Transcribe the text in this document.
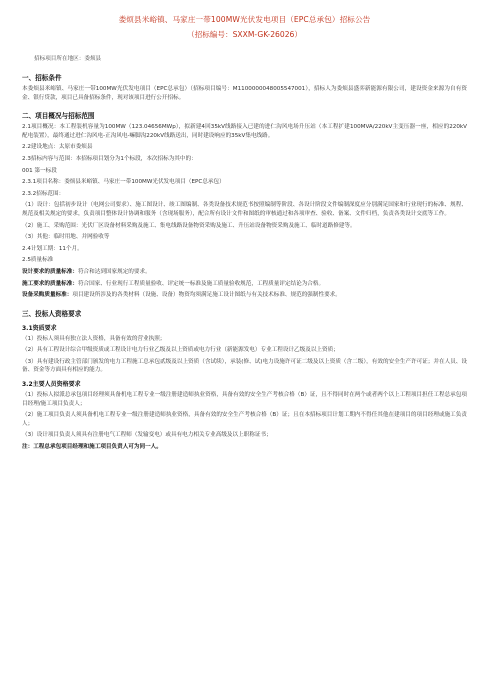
娄烦县米峪镇、马家庄一带100MW光伏发电项目（EPC总承包）招标公告

（招标编号：SXXM-GK-26026）

招标项目所在地区：娄烦县
一、招标条件

本娄烦县米峪镇、马家庄一带100MW光伏发电项目（EPC总承包）（招标项目编号：M1100000048005547001），招标人为娄烦县盛弈新能源有限公司，建设资金来源为自有资金、银行贷款，项目已具备招标条件，现对该项目进行公开招标。

二、项目概况与招标范围

2.1项目概况：本工程装机容量为100MW（123.04656MWp），拟新建4回35kV线路接入已建的进仁沟风电场升压站（本工程扩建100MVA/220kV主变压器一座，相应的220kV配电装置），最终通过进仁沟风电-正沟风电-嘛脚沟220kV线路送出，同时建设响应的35kV集电线路。

2.2建设地点：太原市娄烦县

2.3招标内容与范围：本招标项目划分为1个标段，本次招标为其中的：

001 第一标段

2.3.1项目名称：娄烦县米峪镇、马家庄一带100MW光伏发电项目（EPC总承包）

2.3.2招标范围：

（1）设计：包括初步设计（电网公司要求）、施工图设计、竣工图编制、各类设备技术规范书按照编制等阶段、各设计阶段文件编制深度应分别满足国家和行业现行的标准、规程、规范及相关规定的要求，负责项目整体设计协调和服务（含现场服务），配合所有设计文件和图纸的审核通过和各项审查、验收、备案、文件归档，负责各类设计交底等工作。

（2）施工、采购范围：光伏厂区设备材料采购及施工、集电线路设备物资采购及施工、升压站设备物资采购及施工、临时道路修建等。

（3）其他：临时用地、并网验收等

2.4计划工期：11个月。

2.5质量标准

设计要求的质量标准：符合和达到国家规定的要求。

施工要求的质量标准：符合国家、行业现行工程质量验收、评定统一标准及施工质量验收规范，工程质量评定结论为合格。

设备采购质量标准：项目建设所涉及的各类材料（设施、设备）物资均须满足施工设计图纸与有关技术标准、规范的强制性要求。

三、投标人资格要求
3.1资质要求

（1）投标人须具有独立法人资格，具备有效的营业执照；

（2）具有工程设计综合甲级资质或工程设计电力行业乙级及以上资质或电力行业（新能源发电）专业工程设计乙级及以上资质；

（3）具有建设行政主管部门颁发的电力工程施工总承包贰级及以上资质（含试续），承装(修、试)电力设施许可证二级及以上资质（含二级），有效的安全生产许可证；并在人员、设备、资金等方面具有相应的能力。

3.2主要人员资格要求

（1）投标人拟派总承包项目经理须具备机电工程专业一级注册建造师执业资格，具备有效的安全生产考核合格（B）证，且不得同时在两个或者两个以上工程项目担任工程总承包项目经理/施工项目负责人；

（2）施工项目负责人须具备机电工程专业一级注册建造师执业资格，具备有效的安全生产考核合格（B）证；且在本招标项目计划工期内不得任其他在建项目的项目经理或施工负责人；

（3）设计项目负责人须具有注册电气工程师（发输变电）或具有电力相关专业高级及以上职称证书；

注：工程总承包项目经理和施工项目负责人可为同一人。
